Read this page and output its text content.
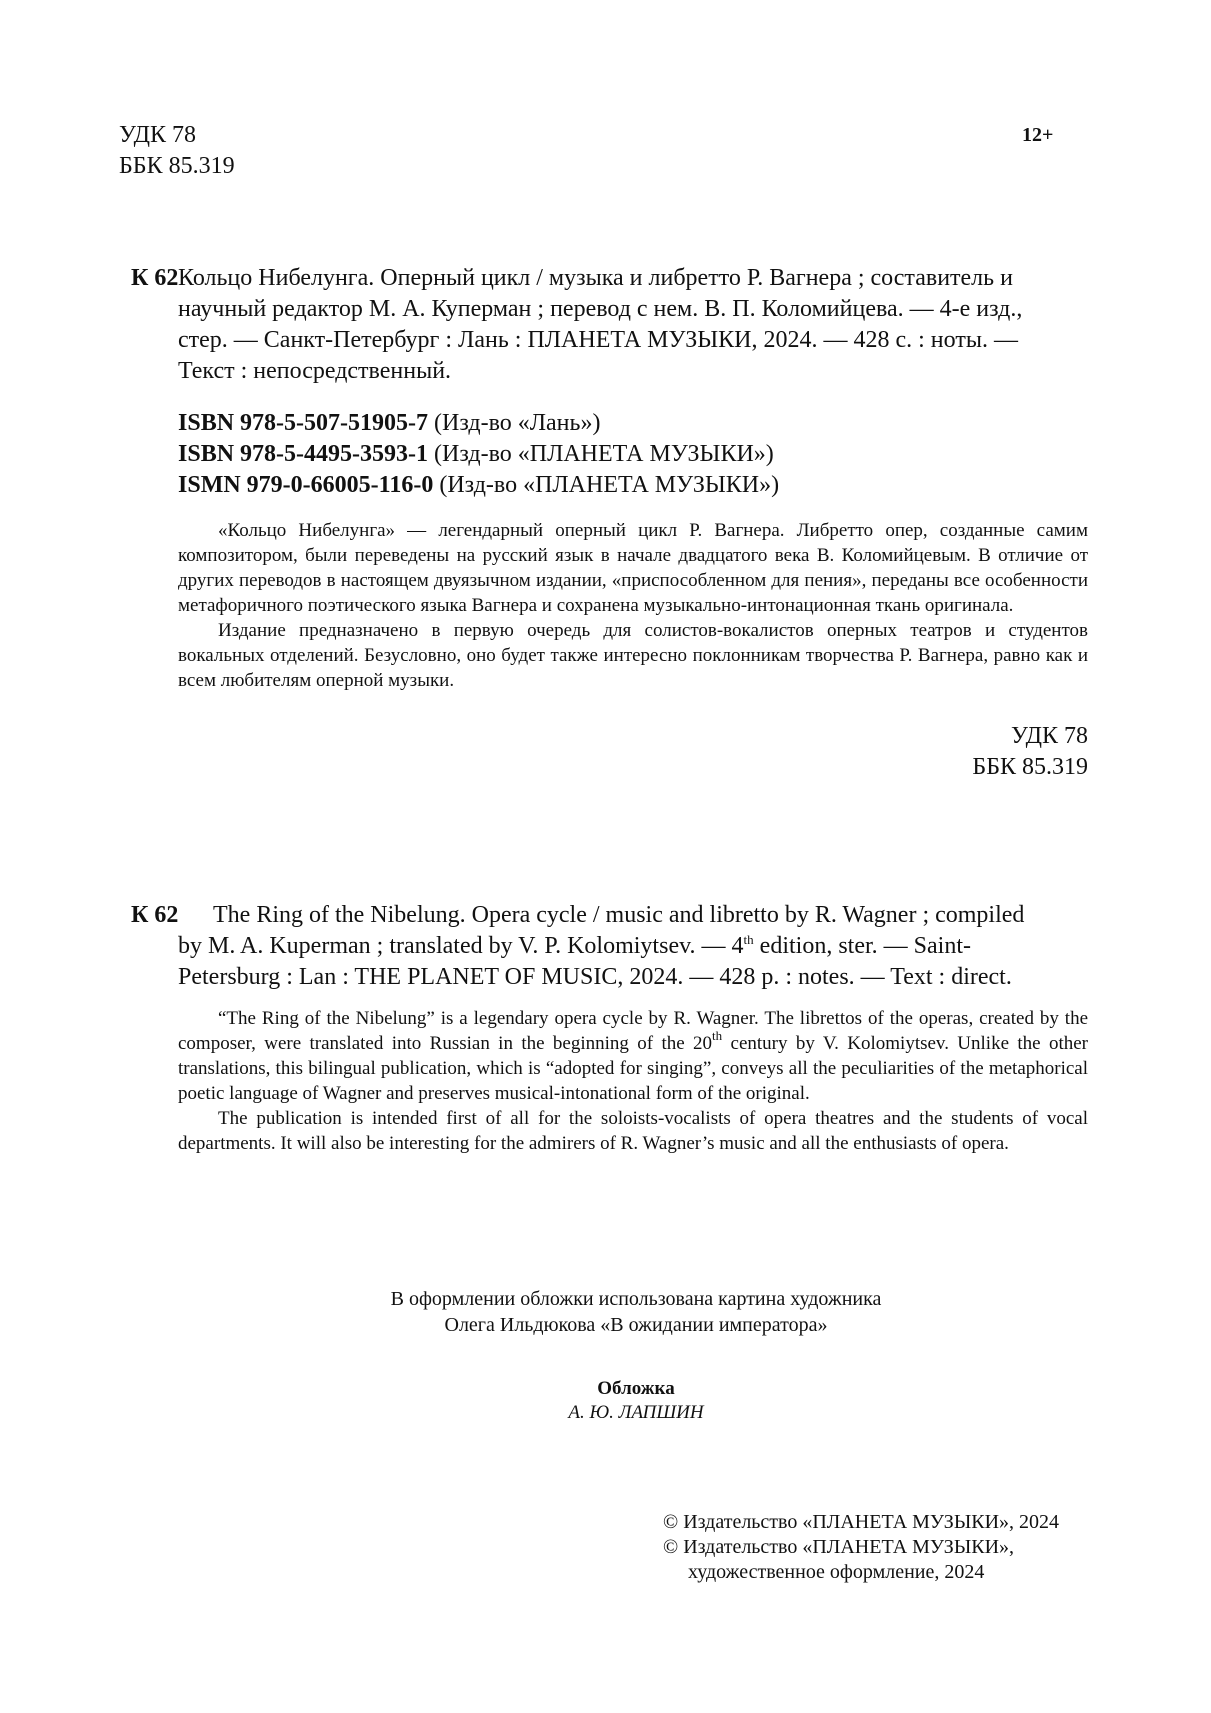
УДК 78
ББК 85.319
12+
К 62 Кольцо Нибелунга. Оперный цикл / музыка и либретто Р. Вагнера ; составитель и
научный редактор М. А. Куперман ; перевод с нем. В. П. Коломийцева. — 4-е изд.,
стер. — Санкт-Петербург : Лань : ПЛАНЕТА МУЗЫКИ, 2024. — 428 с. : ноты. —
Текст : непосредственный.
ISBN 978-5-507-51905-7 (Изд-во «Лань»)
ISBN 978-5-4495-3593-1 (Изд-во «ПЛАНЕТА МУЗЫКИ»)
ISMN 979-0-66005-116-0 (Изд-во «ПЛАНЕТА МУЗЫКИ»)

«Кольцо Нибелунга» — легендарный оперный цикл Р. Вагнера. Либретто опер, созданные самим композитором, были переведены на русский язык в начале двадцатого века В. Коломийцевым. В отличие от других переводов в настоящем двуязычном издании, «приспособленном для пения», переданы все особенности метафоричного поэтического языка Вагнера и сохранена музыкально-интонационная ткань оригинала.

Издание предназначено в первую очередь для солистов-вокалистов оперных театров и студентов вокальных отделений. Безусловно, оно будет также интересно поклонникам творчества Р. Вагнера, равно как и всем любителям оперной музыки.

УДК 78
ББК 85.319
К 62 The Ring of the Nibelung. Opera cycle / music and libretto by R. Wagner ; compiled
by M. A. Kuperman ; translated by V. P. Kolomiytsev. — 4th edition, ster. — Saint-
Petersburg : Lan : THE PLANET OF MUSIC, 2024. — 428 p. : notes. — Text : direct.

“The Ring of the Nibelung” is a legendary opera cycle by R. Wagner. The librettos of the operas, created by the composer, were translated into Russian in the beginning of the 20th century by V. Kolomiytsev. Unlike the other translations, this bilingual publication, which is “adopted for singing”, conveys all the peculiarities of the metaphorical poetic language of Wagner and preserves musical-intonational form of the original.

The publication is intended first of all for the soloists-vocalists of opera theatres and the students of vocal departments. It will also be interesting for the admirers of R. Wagner’s music and all the enthusiasts of opera.

В оформлении обложки использована картина художника
Олега Ильдюкова «В ожидании императора»
Обложка
А. Ю. ЛАПШИН
© Издательство «ПЛАНЕТА МУЗЫКИ», 2024
© Издательство «ПЛАНЕТА МУЗЫКИ»,
художественное оформление, 2024
